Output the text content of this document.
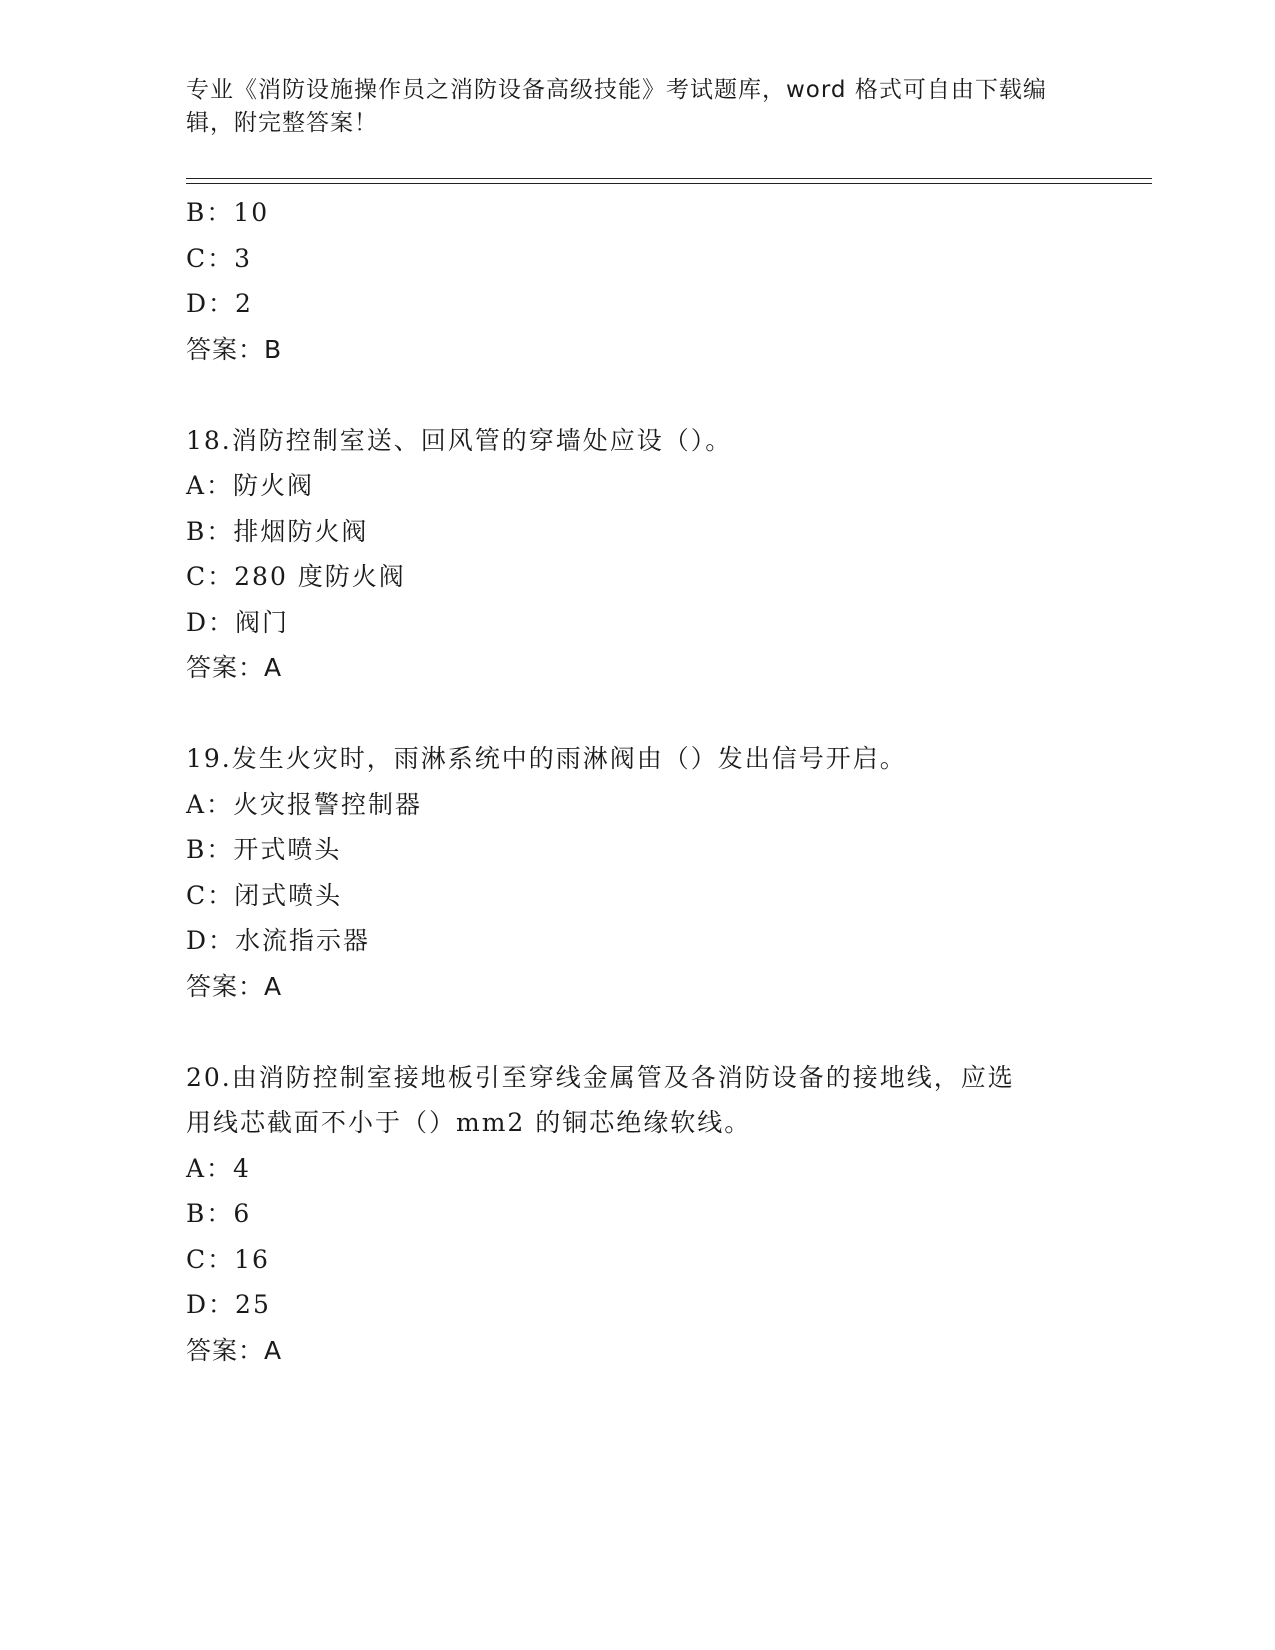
专业《消防设施操作员之消防设备高级技能》考试题库，word 格式可自由下载编
辑，附完整答案！
B：10
C：3
D：2
答案：B
18.消防控制室送、回风管的穿墙处应设（）。
A：防火阀
B：排烟防火阀
C：280 度防火阀
D：阀门
答案：A
19.发生火灾时，雨淋系统中的雨淋阀由（）发出信号开启。
A：火灾报警控制器
B：开式喷头
C：闭式喷头
D：水流指示器
答案：A
20.由消防控制室接地板引至穿线金属管及各消防设备的接地线，应选
用线芯截面不小于（）mm2 的铜芯绝缘软线。
A：4
B：6
C：16
D：25
答案：A
